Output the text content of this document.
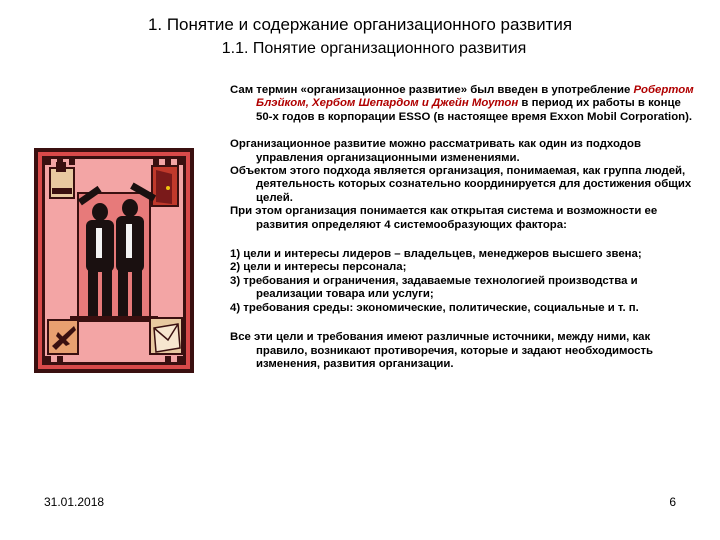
1. Понятие и содержание организационного развития
1.1. Понятие организационного развития

Сам термин «организационное развитие» был введен в употребление Робертом Блэйком, Хербом Шепардом и Джейн Моутон в период их работы в конце 50-х годов в корпорации ESSO (в настоящее время Exxon Mobil Corporation).

Организационное развитие можно рассматривать как один из подходов управления организационными изменениями.

Объектом этого подхода является организация, понимаемая, как группа людей, деятельность которых сознательно координируется для достижения общих целей.

При этом организация понимается как открытая система и возможности ее развития определяют 4 системообразующих фактора:

1) цели и интересы лидеров – владельцев, менеджеров высшего звена;

2) цели и интересы персонала;

3) требования и ограничения, задаваемые технологией производства и реализации товара или услуги;

4) требования среды: экономические, политические, социальные и т. п.

Все эти цели и требования имеют различные источники, между ними, как правило, возникают противоречия, которые и задают необходимость изменения, развития организации.

31.01.2018	6
